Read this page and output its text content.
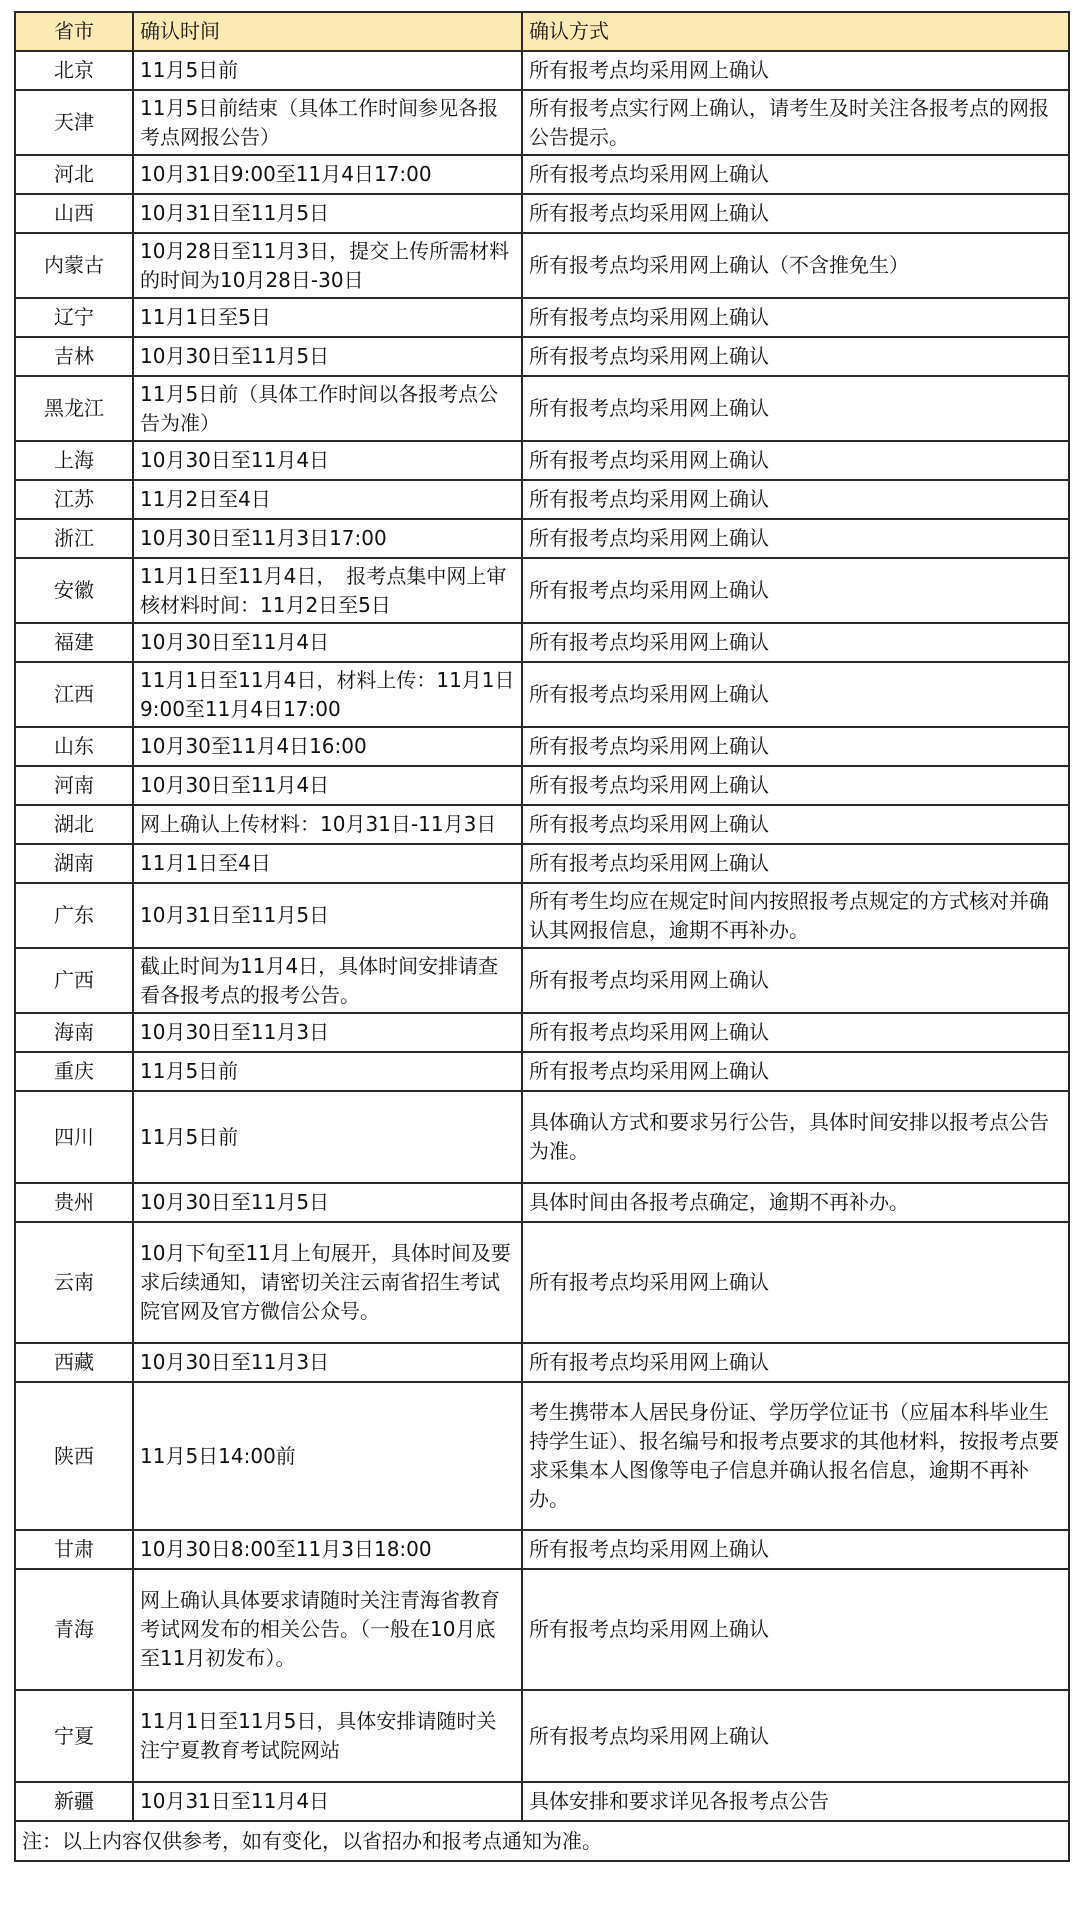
省市	确认时间	确认方式
北京	11月5日前	所有报考点均采用网上确认
天津	11月5日前结束（具体工作时间参见各报考点网报公告）	所有报考点实行网上确认，请考生及时关注各报考点的网报公告提示。
河北	10月31日9:00至11月4日17:00	所有报考点均采用网上确认
山西	10月31日至11月5日	所有报考点均采用网上确认
内蒙古	10月28日至11月3日，提交上传所需材料的时间为10月28日-30日	所有报考点均采用网上确认（不含推免生）
辽宁	11月1日至5日	所有报考点均采用网上确认
吉林	10月30日至11月5日	所有报考点均采用网上确认
黑龙江	11月5日前（具体工作时间以各报考点公告为准）	所有报考点均采用网上确认
上海	10月30日至11月4日	所有报考点均采用网上确认
江苏	11月2日至4日	所有报考点均采用网上确认
浙江	10月30日至11月3日17:00	所有报考点均采用网上确认
安徽	11月1日至11月4日，　报考点集中网上审核材料时间：11月2日至5日	所有报考点均采用网上确认
福建	10月30日至11月4日	所有报考点均采用网上确认
江西	11月1日至11月4日，材料上传：11月1日9:00至11月4日17:00	所有报考点均采用网上确认
山东	10月30至11月4日16:00	所有报考点均采用网上确认
河南	10月30日至11月4日	所有报考点均采用网上确认
湖北	网上确认上传材料：10月31日-11月3日	所有报考点均采用网上确认
湖南	11月1日至4日	所有报考点均采用网上确认
广东	10月31日至11月5日	所有考生均应在规定时间内按照报考点规定的方式核对并确认其网报信息，逾期不再补办。
广西	截止时间为11月4日，具体时间安排请查看各报考点的报考公告。	所有报考点均采用网上确认
海南	10月30日至11月3日	所有报考点均采用网上确认
重庆	11月5日前	所有报考点均采用网上确认
四川	11月5日前	具体确认方式和要求另行公告，具体时间安排以报考点公告为准。
贵州	10月30日至11月5日	具体时间由各报考点确定，逾期不再补办。
云南	10月下旬至11月上旬展开，具体时间及要求后续通知，请密切关注云南省招生考试院官网及官方微信公众号。	所有报考点均采用网上确认
西藏	10月30日至11月3日	所有报考点均采用网上确认
陕西	11月5日14:00前	考生携带本人居民身份证、学历学位证书（应届本科毕业生持学生证）、报名编号和报考点要求的其他材料，按报考点要求采集本人图像等电子信息并确认报名信息，逾期不再补办。
甘肃	10月30日8:00至11月3日18:00	所有报考点均采用网上确认
青海	网上确认具体要求请随时关注青海省教育考试网发布的相关公告。（一般在10月底至11月初发布）。	所有报考点均采用网上确认
宁夏	11月1日至11月5日，具体安排请随时关注宁夏教育考试院网站	所有报考点均采用网上确认
新疆	10月31日至11月4日	具体安排和要求详见各报考点公告
注：以上内容仅供参考，如有变化，以省招办和报考点通知为准。		
